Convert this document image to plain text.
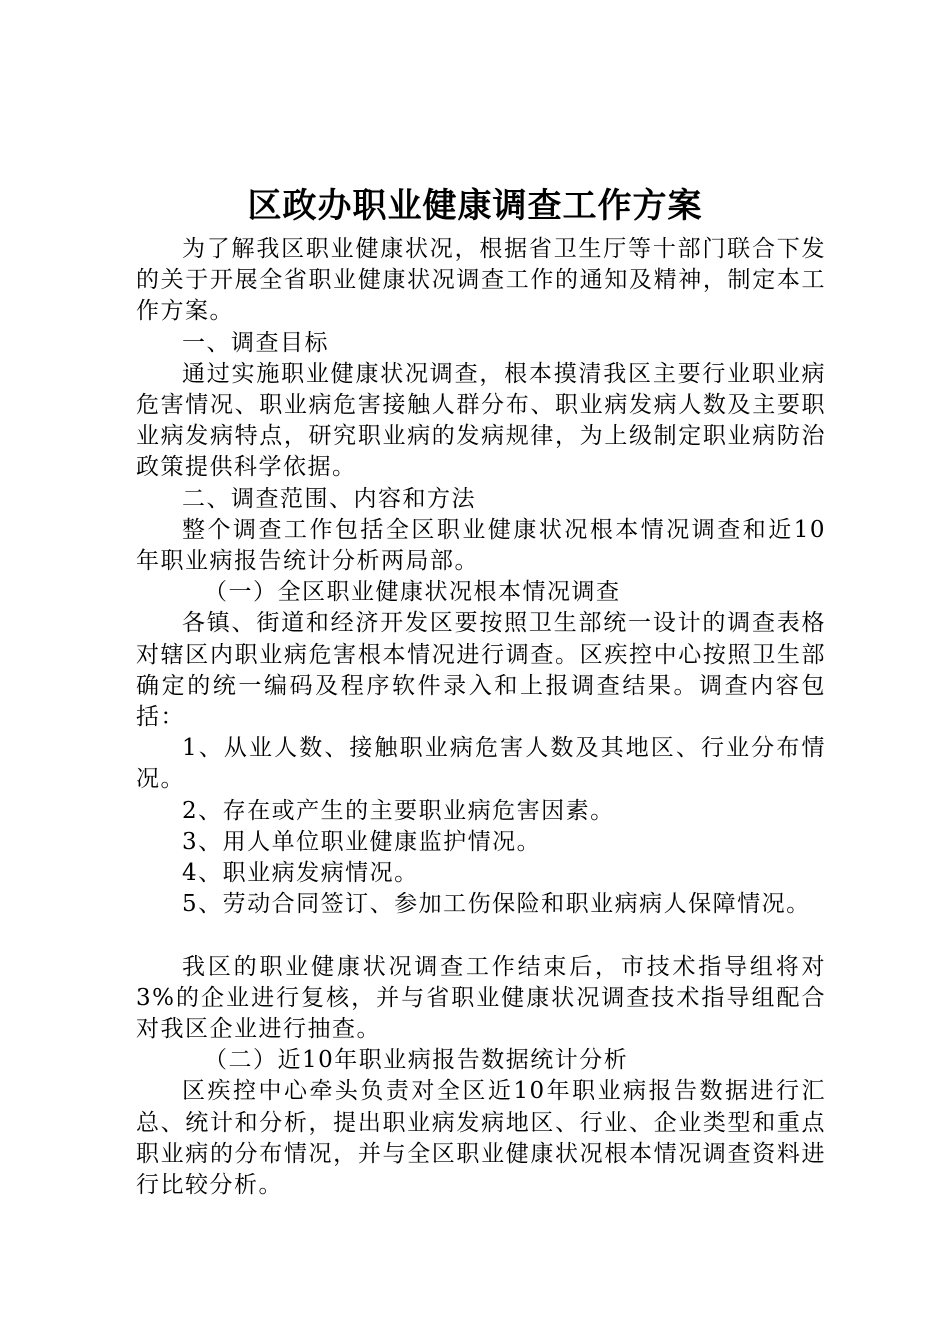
区政办职业健康调查工作方案

为了解我区职业健康状况，根据省卫生厅等十部门联合下发的关于开展全省职业健康状况调查工作的通知及精神，制定本工作方案。

一、调查目标

通过实施职业健康状况调查，根本摸清我区主要行业职业病危害情况、职业病危害接触人群分布、职业病发病人数及主要职业病发病特点，研究职业病的发病规律，为上级制定职业病防治政策提供科学依据。

二、调查范围、内容和方法

整个调查工作包括全区职业健康状况根本情况调查和近10年职业病报告统计分析两局部。

（一）全区职业健康状况根本情况调查

各镇、街道和经济开发区要按照卫生部统一设计的调查表格对辖区内职业病危害根本情况进行调查。区疾控中心按照卫生部确定的统一编码及程序软件录入和上报调查结果。调查内容包括：

1、从业人数、接触职业病危害人数及其地区、行业分布情况。

2、存在或产生的主要职业病危害因素。

3、用人单位职业健康监护情况。

4、职业病发病情况。

5、劳动合同签订、参加工伤保险和职业病病人保障情况。

我区的职业健康状况调查工作结束后，市技术指导组将对3%的企业进行复核，并与省职业健康状况调查技术指导组配合对我区企业进行抽查。

（二）近10年职业病报告数据统计分析

区疾控中心牵头负责对全区近10年职业病报告数据进行汇总、统计和分析，提出职业病发病地区、行业、企业类型和重点职业病的分布情况，并与全区职业健康状况根本情况调查资料进行比较分析。
